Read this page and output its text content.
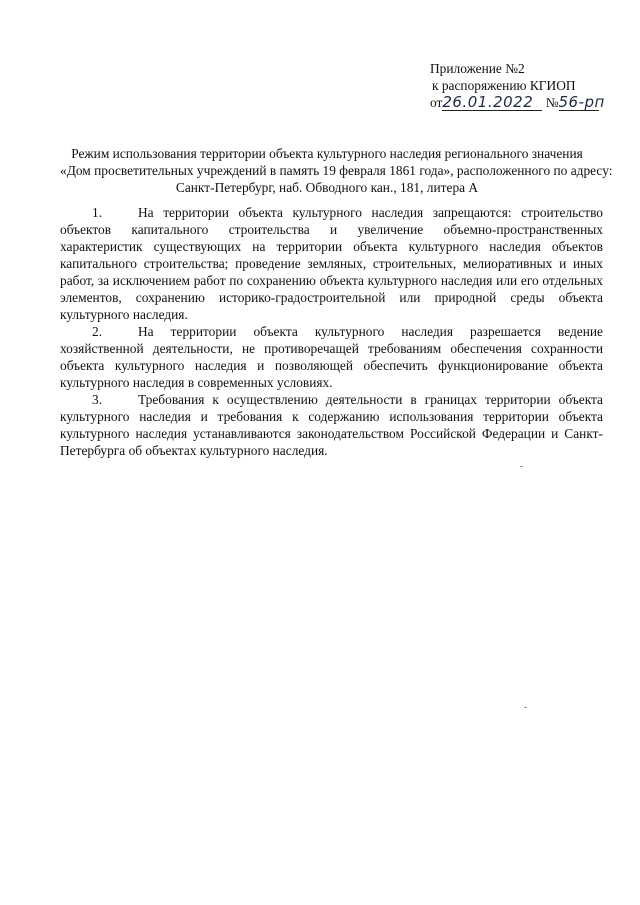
Приложение №2
к распоряжению КГИОП
от26.01.2022 №56-рп
Режим использования территории объекта культурного наследия регионального значения
«Дом просветительных учреждений в память 19 февраля 1861 года», расположенного по адресу:
Санкт-Петербург, наб. Обводного кан., 181, литера А

1.	На территории объекта культурного наследия запрещаются: строительство объектов капитального строительства и увеличение объемно-пространственных характеристик существующих на территории объекта культурного наследия объектов капитального строительства; проведение земляных, строительных, мелиоративных и иных работ, за исключением работ по сохранению объекта культурного наследия или его отдельных элементов, сохранению историко-градостроительной или природной среды объекта культурного наследия.

2.	На территории объекта культурного наследия разрешается ведение хозяйственной деятельности, не противоречащей требованиям обеспечения сохранности объекта культурного наследия и позволяющей обеспечить функционирование объекта культурного наследия в современных условиях.

3.	Требования к осуществлению деятельности в границах территории объекта культурного наследия и требования к содержанию использования территории объекта культурного наследия устанавливаются законодательством Российской Федерации и Санкт-Петербурга об объектах культурного наследия.
